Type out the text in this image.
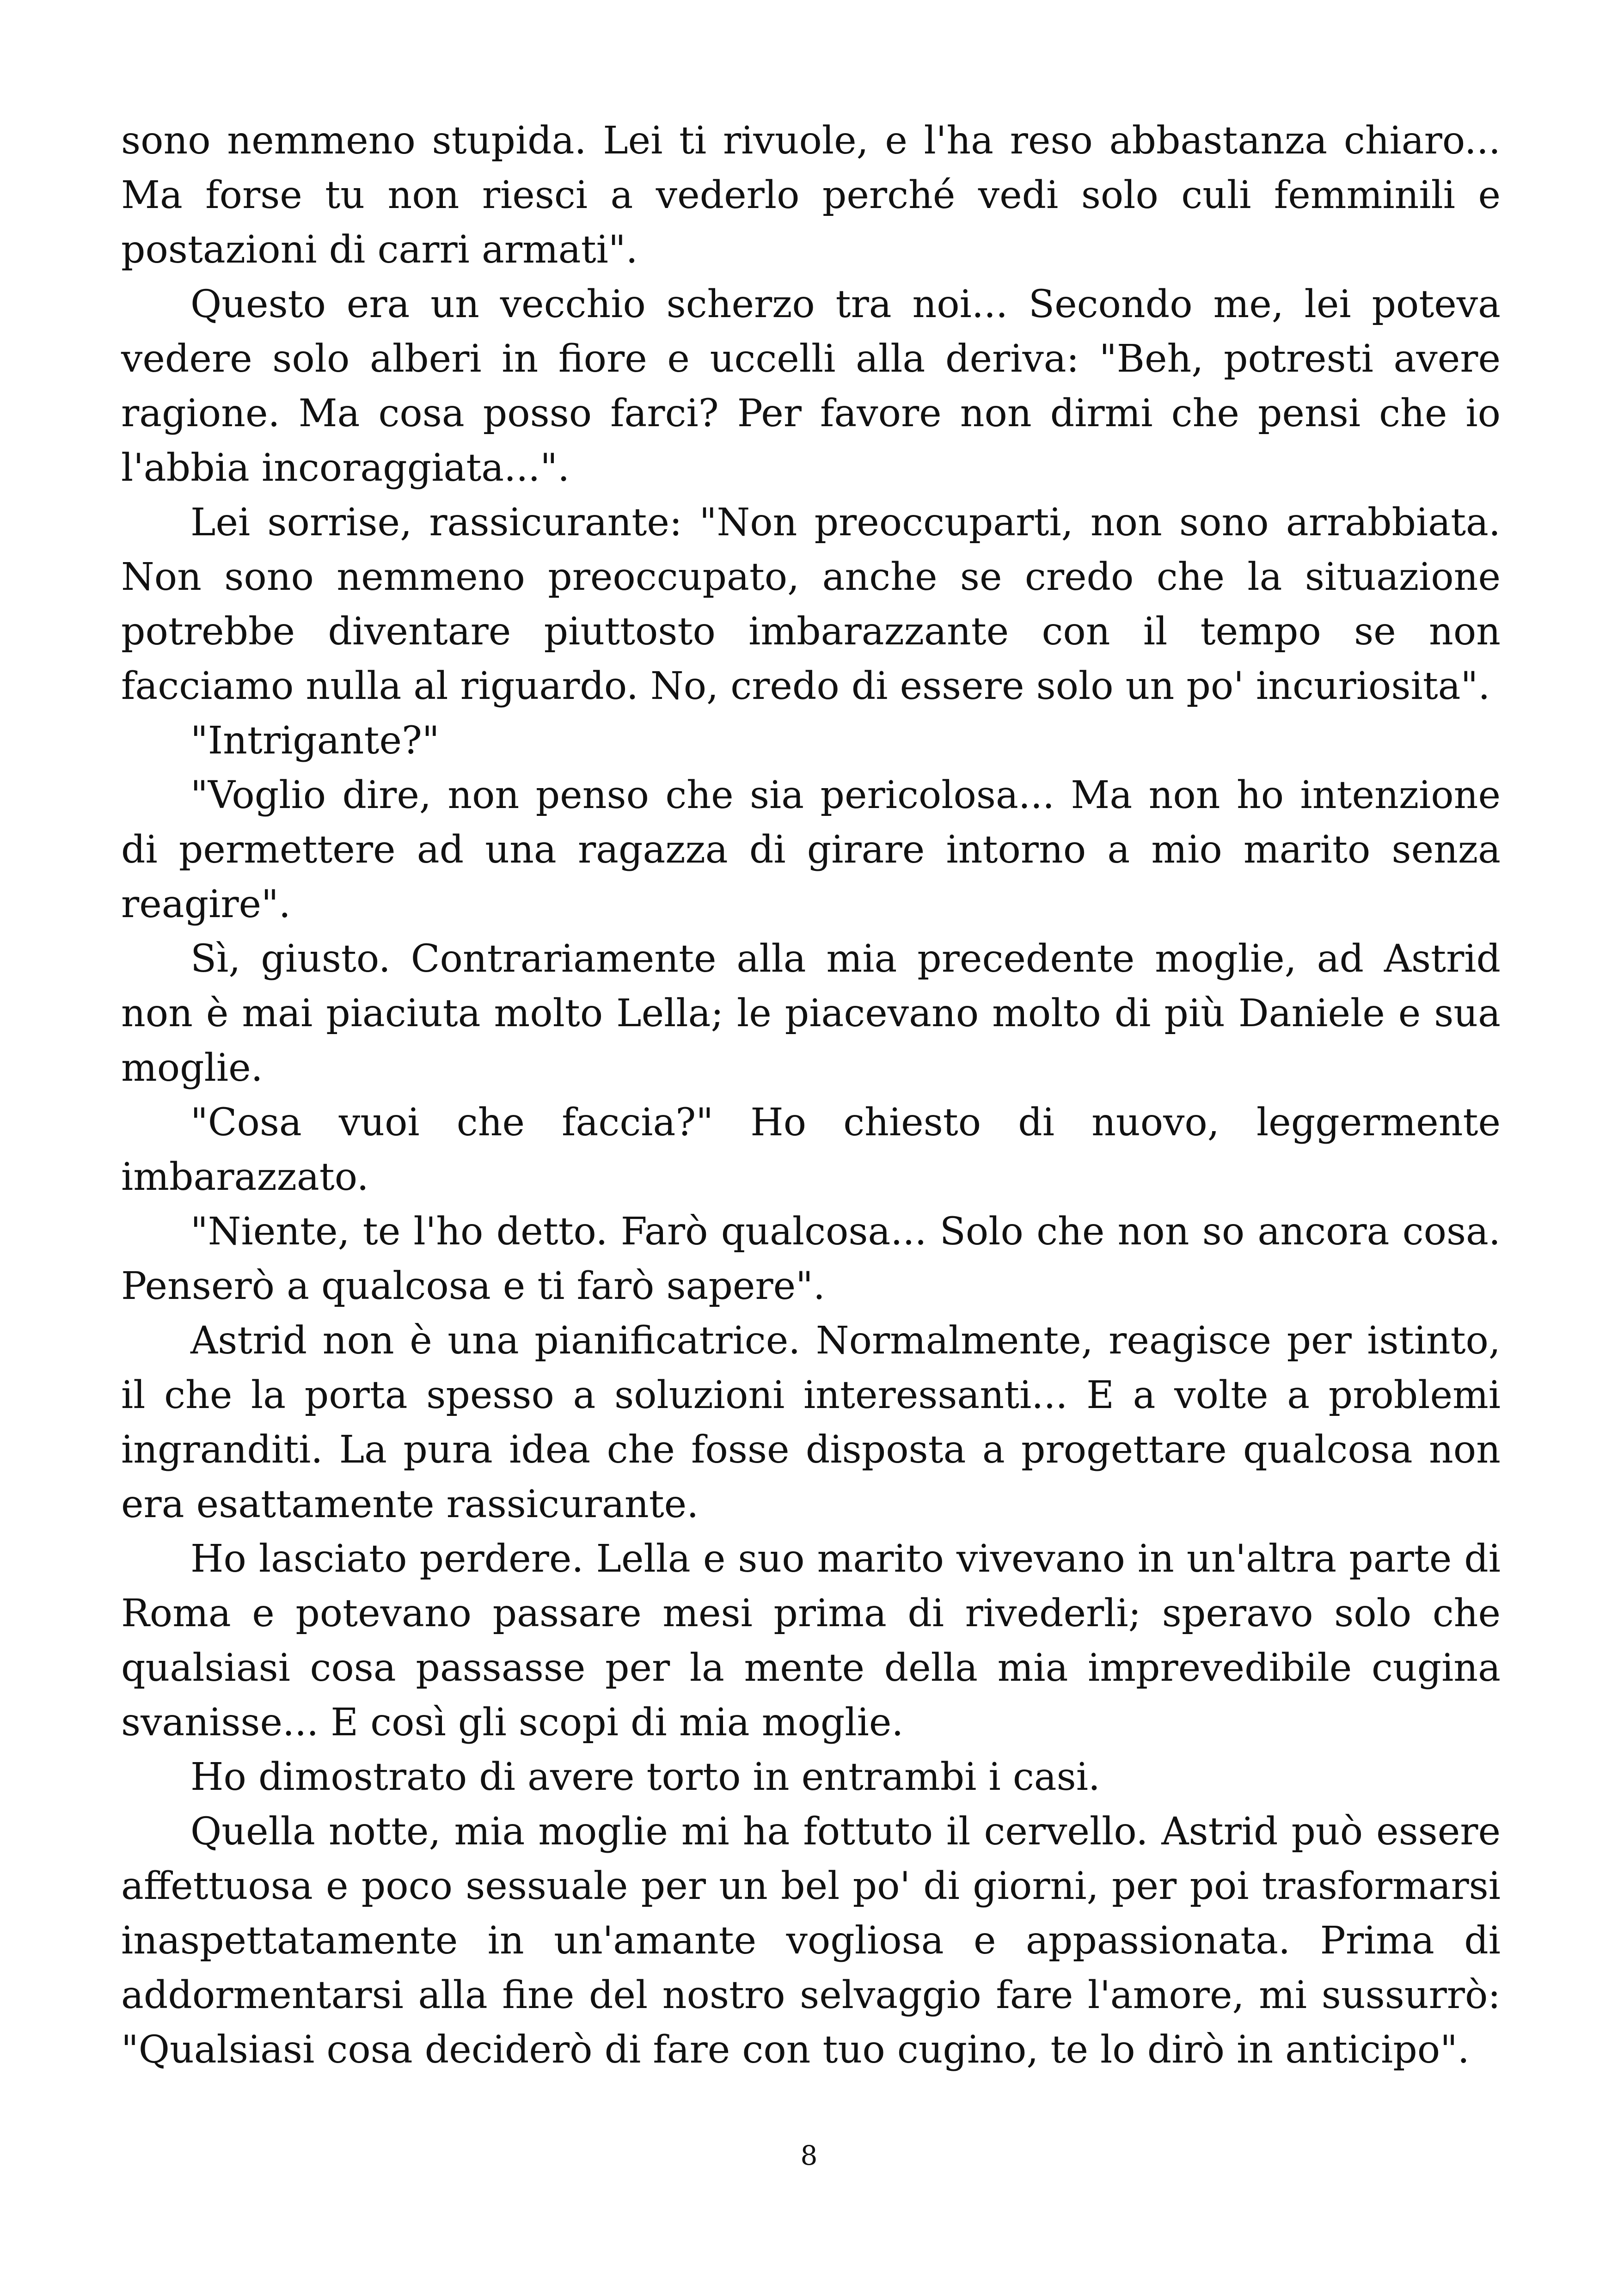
sono nemmeno stupida. Lei ti rivuole, e l'ha reso abbastanza chiaro... Ma forse tu non riesci a vederlo perché vedi solo culi femminili e postazioni di carri armati".

Questo era un vecchio scherzo tra noi... Secondo me, lei poteva vedere solo alberi in fiore e uccelli alla deriva: "Beh, potresti avere ragione. Ma cosa posso farci? Per favore non dirmi che pensi che io l'abbia incoraggiata...".

Lei sorrise, rassicurante: "Non preoccuparti, non sono arrabbiata. Non sono nemmeno preoccupato, anche se credo che la situazione potrebbe diventare piuttosto imbarazzante con il tempo se non facciamo nulla al riguardo. No, credo di essere solo un po' incuriosita".

"Intrigante?"

"Voglio dire, non penso che sia pericolosa... Ma non ho intenzione di permettere ad una ragazza di girare intorno a mio marito senza reagire".

Sì, giusto. Contrariamente alla mia precedente moglie, ad Astrid non è mai piaciuta molto Lella; le piacevano molto di più Daniele e sua moglie.

"Cosa vuoi che faccia?" Ho chiesto di nuovo, leggermente imbarazzato.

"Niente, te l'ho detto. Farò qualcosa... Solo che non so ancora cosa. Penserò a qualcosa e ti farò sapere".

Astrid non è una pianificatrice. Normalmente, reagisce per istinto, il che la porta spesso a soluzioni interessanti... E a volte a problemi ingranditi. La pura idea che fosse disposta a progettare qualcosa non era esattamente rassicurante.

Ho lasciato perdere. Lella e suo marito vivevano in un'altra parte di Roma e potevano passare mesi prima di rivederli; speravo solo che qualsiasi cosa passasse per la mente della mia imprevedibile cugina svanisse... E così gli scopi di mia moglie.

Ho dimostrato di avere torto in entrambi i casi.

Quella notte, mia moglie mi ha fottuto il cervello. Astrid può essere affettuosa e poco sessuale per un bel po' di giorni, per poi trasformarsi inaspettatamente in un'amante vogliosa e appassionata. Prima di addormentarsi alla fine del nostro selvaggio fare l'amore, mi sussurrò: "Qualsiasi cosa deciderò di fare con tuo cugino, te lo dirò in anticipo".

8
